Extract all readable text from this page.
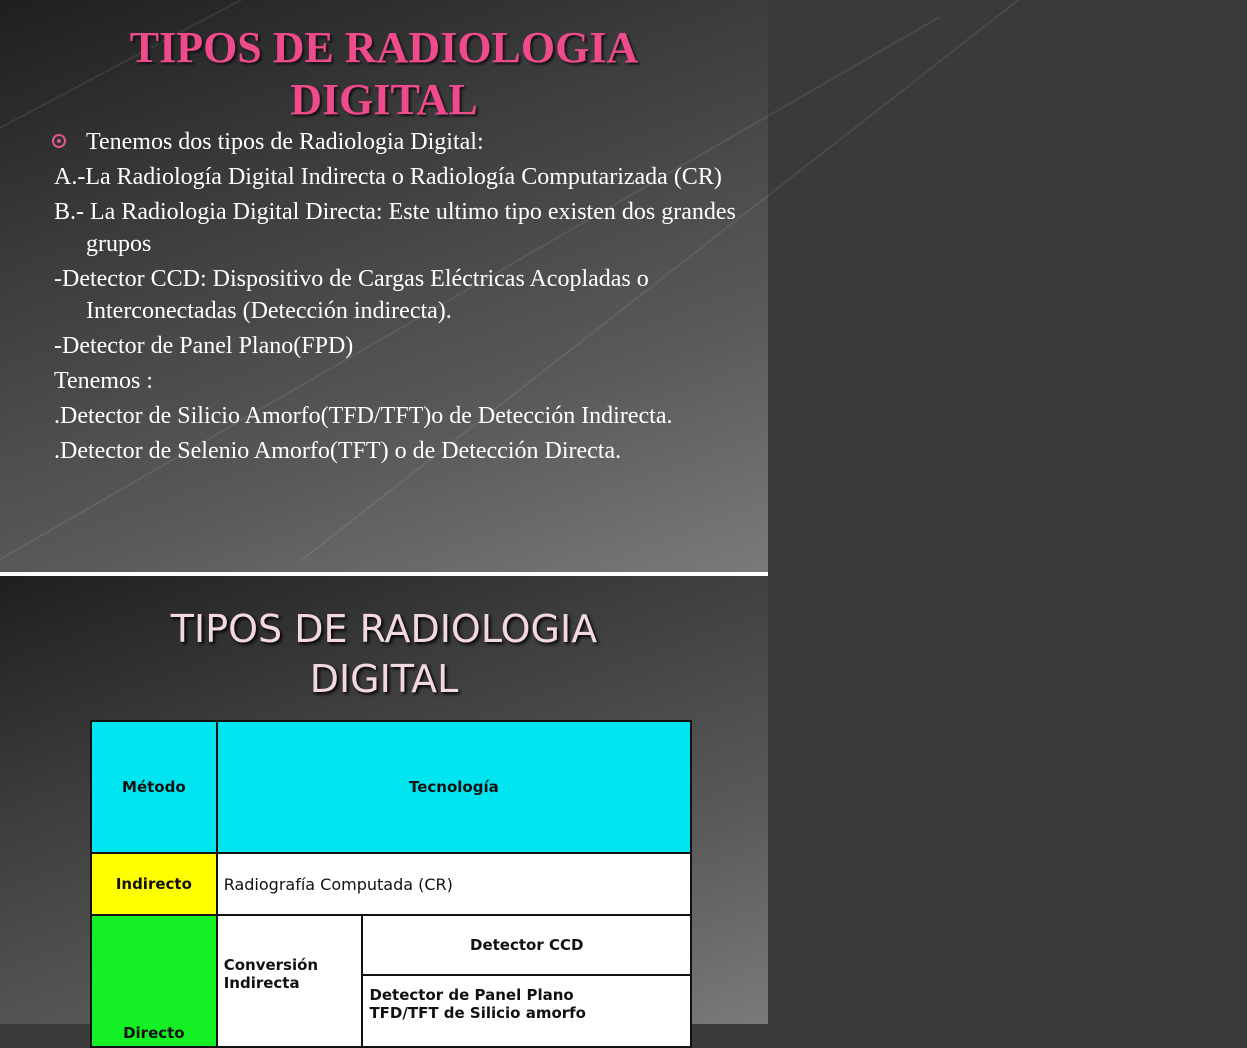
TIPOS DE RADIOLOGIA
DIGITAL
Tenemos dos tipos de Radiologia Digital:

A.-La Radiología Digital Indirecta o Radiología Computarizada (CR)

B.- La Radiologia Digital Directa: Este ultimo tipo existen dos grandes grupos

-Detector CCD: Dispositivo de Cargas Eléctricas Acopladas o Interconectadas (Detección indirecta).

-Detector de Panel Plano(FPD)

Tenemos :

.Detector de Silicio Amorfo(TFD/TFT)o de Detección Indirecta.

.Detector de Selenio Amorfo(TFT) o de Detección Directa.

TIPOS DE RADIOLOGIA
DIGITAL
Método	Tecnología	
Indirecto	Radiografía Computada (CR)	
Directo	Conversión Indirecta	Detector CCD

		Detector de Panel Plano
TFD/TFT de Silicio amorfo
